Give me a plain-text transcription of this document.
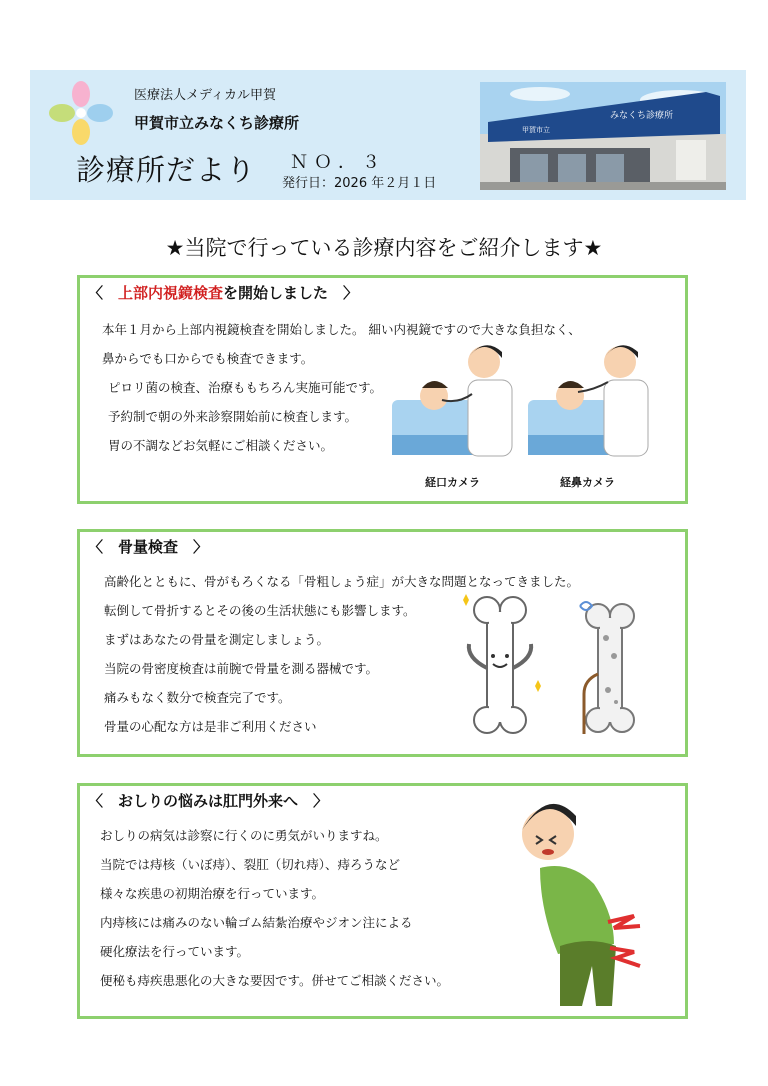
医療法人メディカル甲賀
甲賀市立みなくち診療所
診療所だより ＮＯ．３
発行日：2026 年２月１日
甲賀市立
みなくち診療所
★当院で行っている診療内容をご紹介します★
〈　上部内視鏡検査を開始しました　〉
本年１月から上部内視鏡検査を開始しました。 細い内視鏡ですので大きな負担なく、
鼻からでも口からでも検査できます。
ピロリ菌の検査、治療ももちろん実施可能です。
予約制で朝の外来診察開始前に検査します。
胃の不調などお気軽にご相談ください。
経口カメラ	経鼻カメラ
〈　骨量検査　〉
高齢化とともに、骨がもろくなる「骨粗しょう症」が大きな問題となってきました。
転倒して骨折するとその後の生活状態にも影響します。
まずはあなたの骨量を測定しましょう。
当院の骨密度検査は前腕で骨量を測る器械です。
痛みもなく数分で検査完了です。
骨量の心配な方は是非ご利用ください
〈　おしりの悩みは肛門外来へ　〉
おしりの病気は診察に行くのに勇気がいりますね。
当院では痔核（いぼ痔）、裂肛（切れ痔）、痔ろうなど
様々な疾患の初期治療を行っています。
内痔核には痛みのない輪ゴム結紮治療やジオン注による
硬化療法を行っています。
便秘も痔疾患悪化の大きな要因です。併せてご相談ください。
